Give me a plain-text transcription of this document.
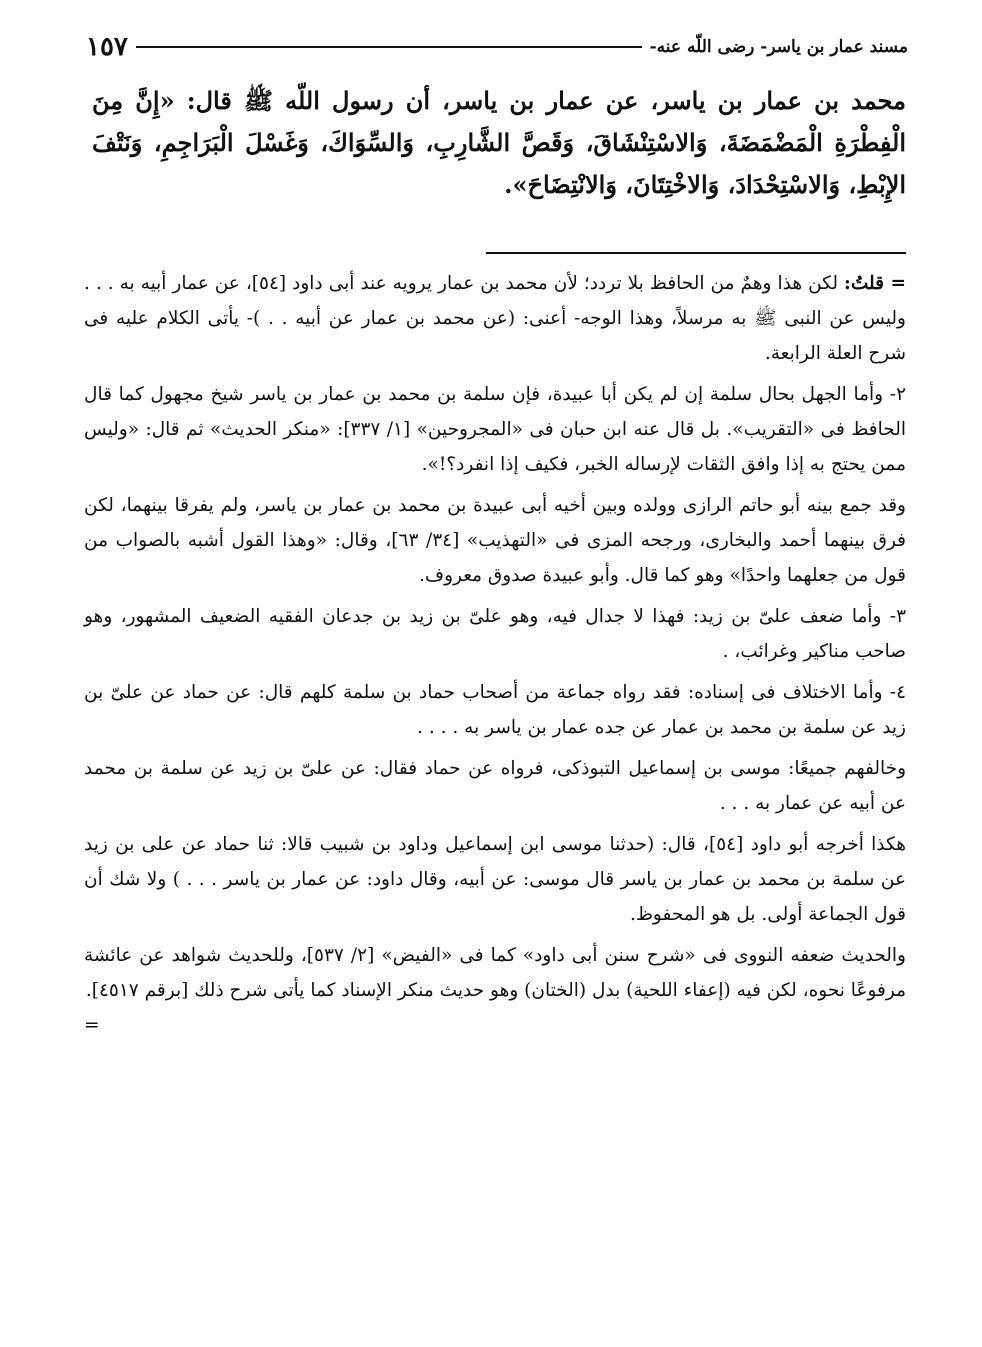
مسند عمار بن ياسر- رضى اللّه عنه-
١٥٧
محمد بن عمار بن ياسر، عن عمار بن ياسر، أن رسول اللّه ﷺ قال: «إِنَّ مِنَ الْفِطْرَةِ الْمَضْمَضَةَ، وَالاسْتِنْشَاقَ، وَقَصَّ الشَّارِبِ، وَالسِّوَاكَ، وَغَسْلَ الْبَرَاجِمِ، وَنَتْفَ الإِبْطِ، وَالاسْتِحْدَادَ، وَالاخْتِتَانَ، وَالانْتِضَاحَ».

= قلتُ: لكن هذا وهمٌ من الحافظ بلا تردد؛ لأن محمد بن عمار يرويه عند أبى داود [٥٤]، عن عمار أبيه به . . . وليس عن النبى ﷺ به مرسلاً، وهذا الوجه- أعنى: (عن محمد بن عمار عن أبيه . . )- يأتى الكلام عليه فى شرح العلة الرابعة.

٢- وأما الجهل بحال سلمة إن لم يكن أبا عبيدة، فإن سلمة بن محمد بن عمار بن ياسر شيخ مجهول كما قال الحافظ فى «التقريب». بل قال عنه ابن حبان فى «المجروحين» [١/ ٣٣٧]: «منكر الحديث» ثم قال: «وليس ممن يحتج به إذا وافق الثقات لإرساله الخبر، فكيف إذا انفرد؟!».

وقد جمع بينه أبو حاتم الرازى وولده وبين أخيه أبى عبيدة بن محمد بن عمار بن ياسر، ولم يفرقا بينهما، لكن فرق بينهما أحمد والبخارى، ورجحه المزى فى «التهذيب» [٣٤/ ٦٣]، وقال: «وهذا القول أشبه بالصواب من قول من جعلهما واحدًا» وهو كما قال. وأبو عبيدة صدوق معروف.

٣- وأما ضعف علىّ بن زيد: فهذا لا جدال فيه، وهو علىّ بن زيد بن جدعان الفقيه الضعيف المشهور، وهو صاحب مناكير وغرائب، .

٤- وأما الاختلاف فى إسناده: فقد رواه جماعة من أصحاب حماد بن سلمة كلهم قال: عن حماد عن علىّ بن زيد عن سلمة بن محمد بن عمار عن جده عمار بن ياسر به . . . .

وخالفهم جميعًا: موسى بن إسماعيل التبوذكى، فرواه عن حماد فقال: عن علىّ بن زيد عن سلمة بن محمد عن أبيه عن عمار به . . .

هكذا أخرجه أبو داود [٥٤]، قال: (حدثنا موسى ابن إسماعيل وداود بن شبيب قالا: ثنا حماد عن على بن زيد عن سلمة بن محمد بن عمار بن ياسر قال موسى: عن أبيه، وقال داود: عن عمار بن ياسر . . . ) ولا شك أن قول الجماعة أولى. بل هو المحفوظ.

والحديث ضعفه النووى فى «شرح سنن أبى داود» كما فى «الفيض» [٢/ ٥٣٧]، وللحديث شواهد عن عائشة مرفوعًا نحوه، لكن فيه (إعفاء اللحية) بدل (الختان) وهو حديث منكر الإسناد كما يأتى شرح ذلك [برقم ٤٥١٧].
=
